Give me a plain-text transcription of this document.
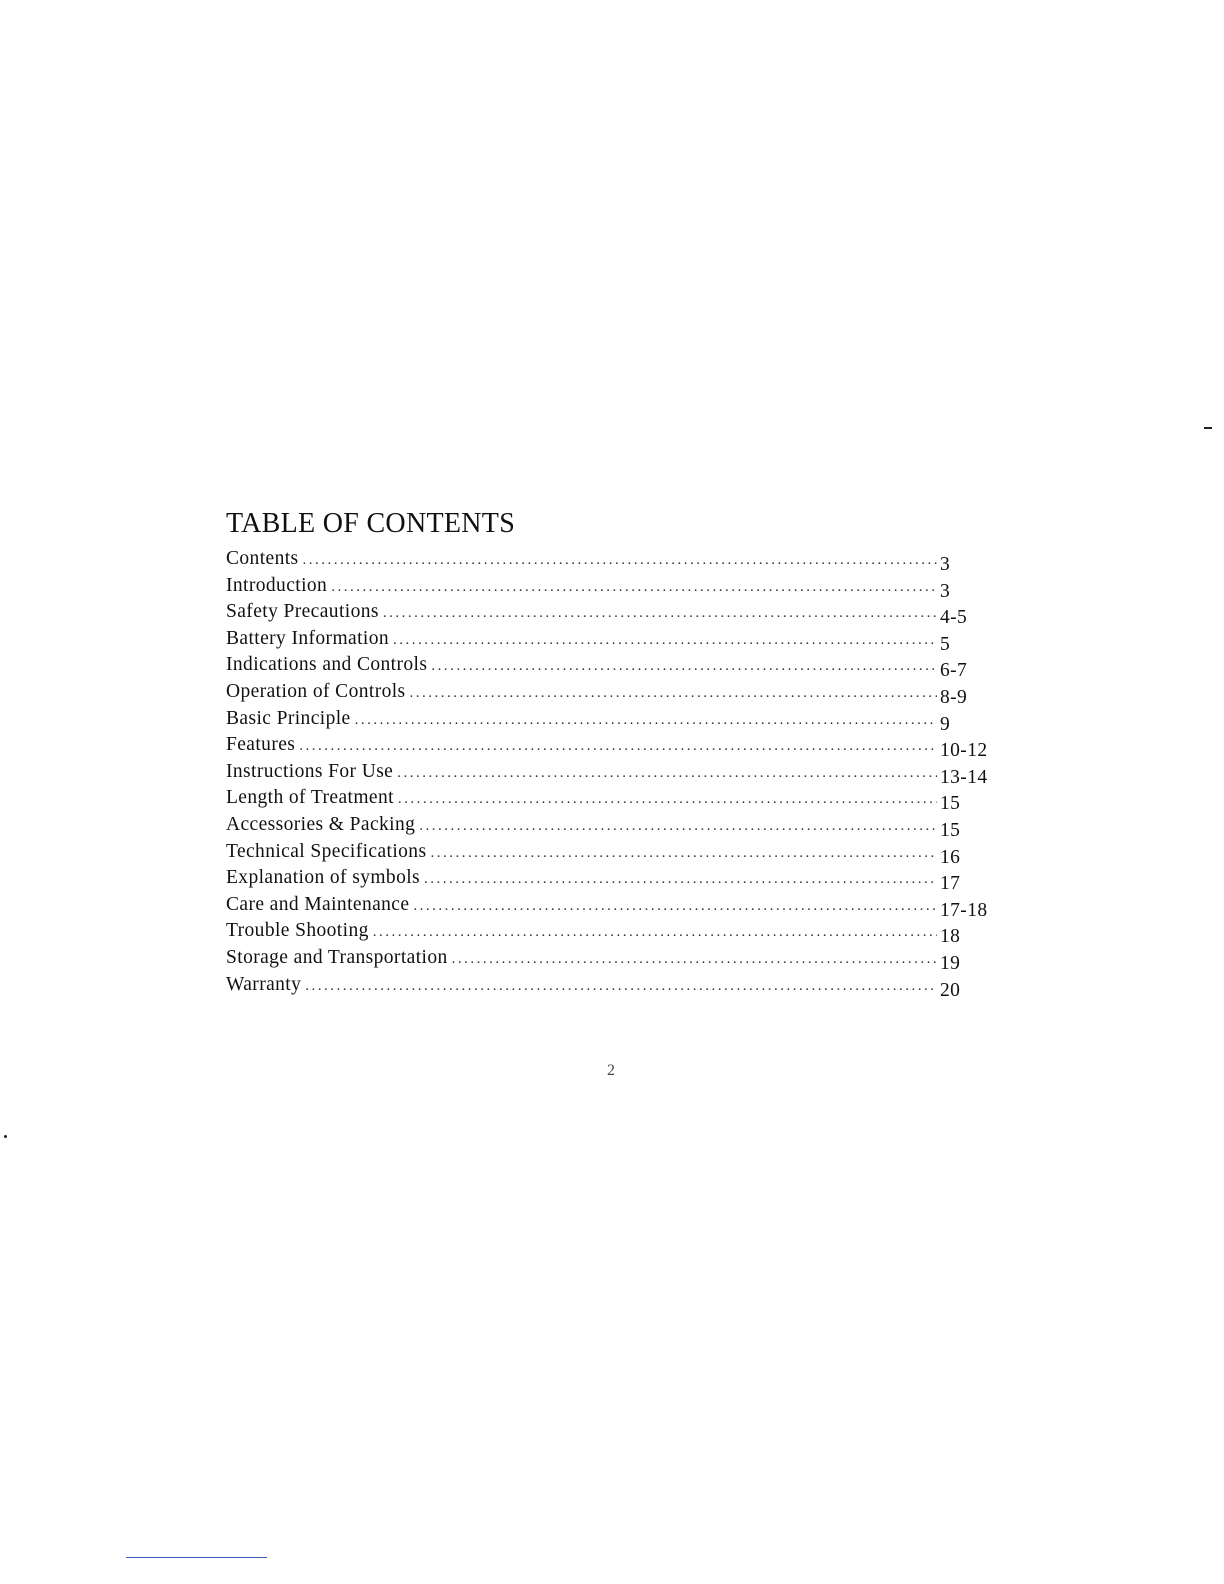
TABLE OF CONTENTS
Contents .....	3
Introduction .....	3
Safety Precautions .....	4-5
Battery Information .....	5
Indications and Controls .....	6-7
Operation of Controls .....	8-9
Basic Principle .....	9
Features .....	10-12
Instructions For Use .....	13-14
Length of Treatment .....	15
Accessories & Packing .....	15
Technical Specifications .....	16
Explanation of symbols .....	17
Care and Maintenance .....	17-18
Trouble Shooting .....	18
Storage and Transportation .....	19
Warranty .....	20
2
